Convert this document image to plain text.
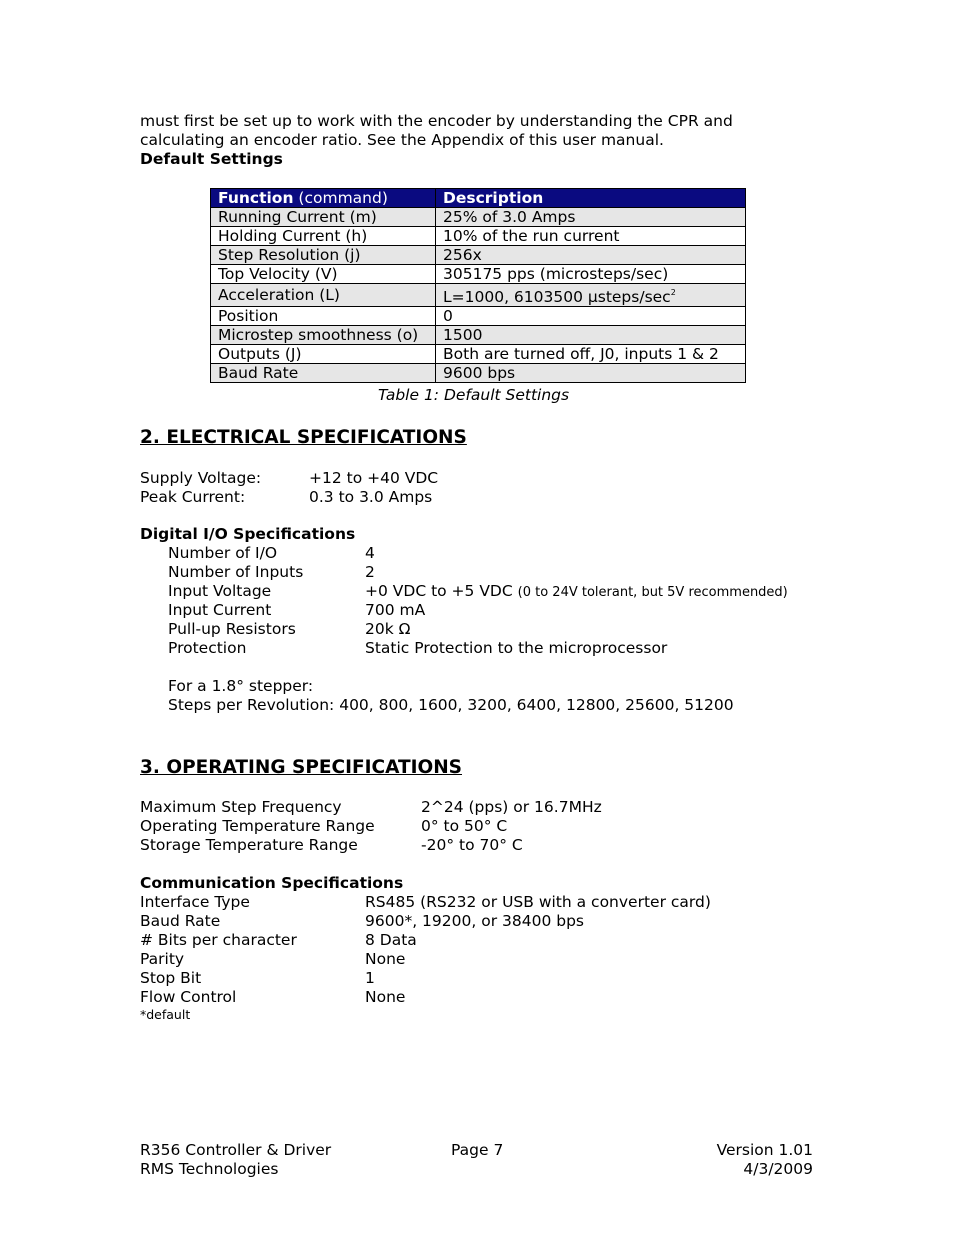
must first be set up to work with the encoder by understanding the CPR and
calculating an encoder ratio. See the Appendix of this user manual.
Default Settings
Function (command)	Description
Running Current (m)	25% of 3.0 Amps
Holding Current (h)	10% of the run current
Step Resolution (j)	256x
Top Velocity (V)	305175 pps (microsteps/sec)
Acceleration (L)	L=1000, 6103500 µsteps/$\sec^2$
Position	0
Microstep smoothness (o)	1500
Outputs (J)	Both are turned off, J0, inputs 1 & 2
Baud Rate	9600 bps
Table 1: Default Settings
2. ELECTRICAL SPECIFICATIONS
Supply Voltage:	+12 to +40 VDC
Peak Current:	0.3 to 3.0 Amps
Digital I/O Specifications
Number of I/O	4
Number of Inputs	2
Input Voltage	+0 VDC to +5 VDC (0 to 24V tolerant, but 5V recommended)
Input Current	700 mA
Pull-up Resistors	20k Ω
Protection	Static Protection to the microprocessor
For a 1.8° stepper:
Steps per Revolution: 400, 800, 1600, 3200, 6400, 12800, 25600, 51200
3. OPERATING SPECIFICATIONS
Maximum Step Frequency	2^24 (pps) or 16.7MHz
Operating Temperature Range	0° to 50° C
Storage Temperature Range	-20° to 70° C
Communication Specifications
Interface Type	RS485 (RS232 or USB with a converter card)
Baud Rate	9600*, 19200, or 38400 bps
# Bits per character	8 Data
Parity	None
Stop Bit	1
Flow Control	None
*default
R356 Controller & Driver
RMS Technologies
Page 7	Version 1.01
4/3/2009
